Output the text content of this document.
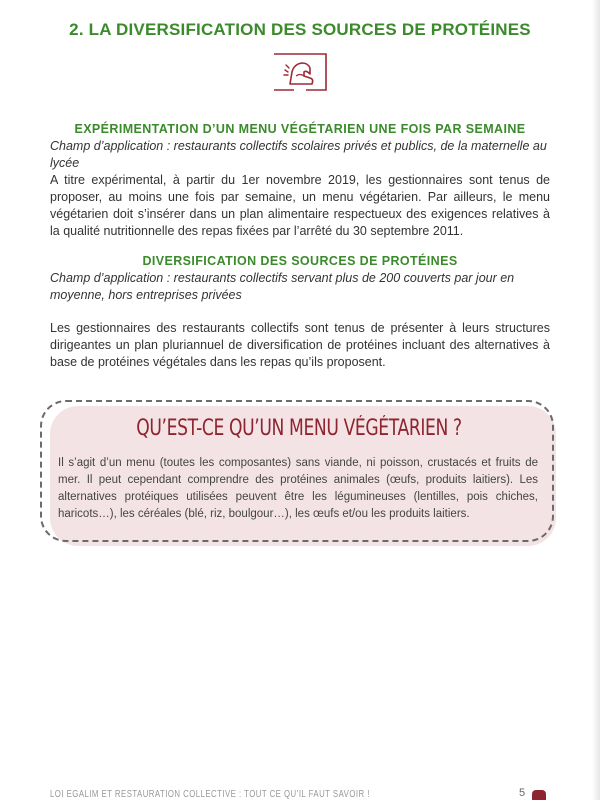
2. LA DIVERSIFICATION DES SOURCES DE PROTÉINES
EXPÉRIMENTATION D’UN MENU VÉGÉTARIEN UNE FOIS PAR SEMAINE
Champ d’application : restaurants collectifs scolaires privés et publics, de la maternelle au lycée
A titre expérimental, à partir du 1er novembre 2019, les gestionnaires sont tenus de proposer, au moins une fois par semaine, un menu végétarien. Par ailleurs, le menu végétarien doit s’insérer dans un plan alimentaire respectueux des exigences relatives à la qualité nutritionnelle des repas fixées par l’arrêté du 30 septembre 2011.
DIVERSIFICATION DES SOURCES DE PROTÉINES
Champ d’application : restaurants collectifs servant plus de 200 couverts par jour en moyenne, hors entreprises privées
Les gestionnaires des restaurants collectifs sont tenus de présenter à leurs structures dirigeantes un plan pluriannuel de diversification de protéines incluant des alternatives à base de protéines végétales dans les repas qu’ils proposent.
QU’EST-CE QU’UN MENU VÉGÉTARIEN ?
Il s’agit d’un menu (toutes les composantes) sans viande, ni poisson, crustacés et fruits de mer. Il peut cependant comprendre des protéines animales (œufs, produits laitiers). Les alternatives protéiques utilisées peuvent être les légumineuses (lentilles, pois chiches, haricots…), les céréales (blé, riz, boulgour…), les œufs et/ou les produits laitiers.
LOI EGALIM ET RESTAURATION COLLECTIVE : TOUT CE QU’IL FAUT SAVOIR !	5
